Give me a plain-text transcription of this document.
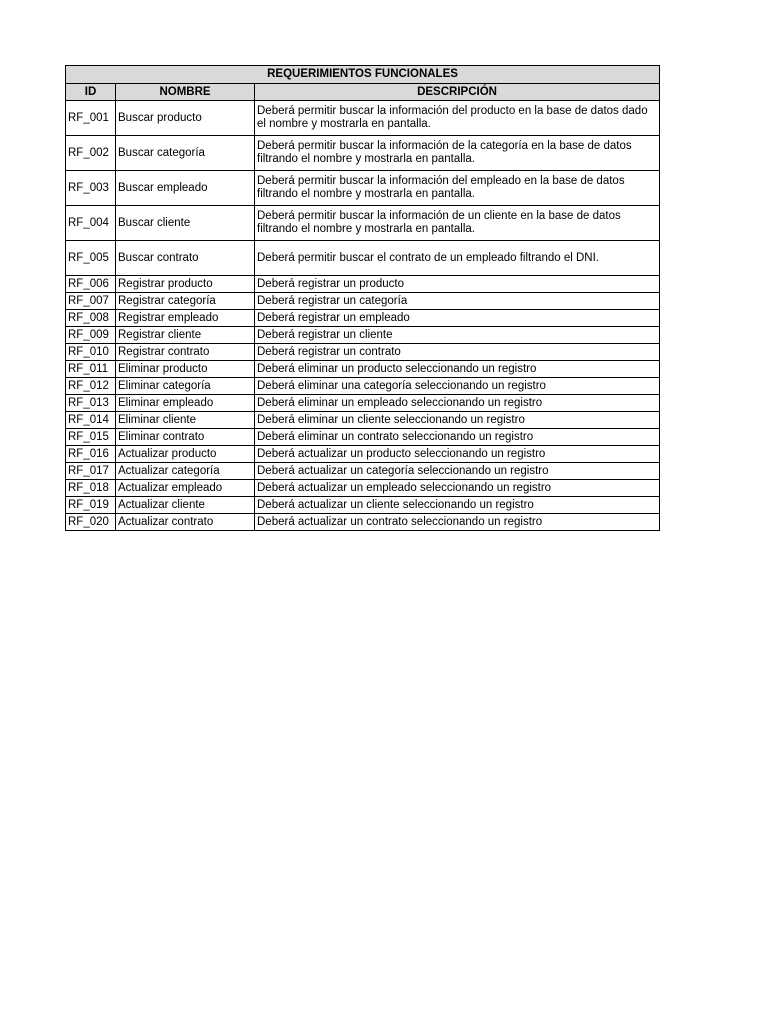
REQUERIMIENTOS FUNCIONALES		
ID	NOMBRE	DESCRIPCIÓN
RF_001	Buscar producto	Deberá permitir buscar la información del producto en la base de datos dado el nombre y mostrarla en pantalla.
RF_002	Buscar categoría	Deberá permitir buscar la información de la categoría en la base de datos filtrando el nombre y mostrarla en pantalla.
RF_003	Buscar empleado	Deberá permitir buscar la información del empleado en la base de datos filtrando el nombre y mostrarla en pantalla.
RF_004	Buscar cliente	Deberá permitir buscar la información de un cliente en la base de datos filtrando el nombre y mostrarla en pantalla.
RF_005	Buscar contrato	Deberá permitir buscar el contrato de un empleado filtrando el DNI.
RF_006	Registrar producto	Deberá registrar un producto
RF_007	Registrar categoría	Deberá registrar un categoría
RF_008	Registrar empleado	Deberá registrar un empleado
RF_009	Registrar cliente	Deberá registrar un cliente
RF_010	Registrar contrato	Deberá registrar un contrato
RF_011	Eliminar producto	Deberá eliminar un producto seleccionando un registro
RF_012	Eliminar categoría	Deberá eliminar una categoría seleccionando un registro
RF_013	Eliminar empleado	Deberá eliminar un empleado seleccionando un registro
RF_014	Eliminar cliente	Deberá eliminar un cliente seleccionando un registro
RF_015	Eliminar contrato	Deberá eliminar un contrato seleccionando un registro
RF_016	Actualizar producto	Deberá actualizar un producto seleccionando un registro
RF_017	Actualizar categoría	Deberá actualizar un categoría seleccionando un registro
RF_018	Actualizar empleado	Deberá actualizar un empleado seleccionando un registro
RF_019	Actualizar cliente	Deberá actualizar un cliente seleccionando un registro
RF_020	Actualizar contrato	Deberá actualizar un contrato seleccionando un registro
